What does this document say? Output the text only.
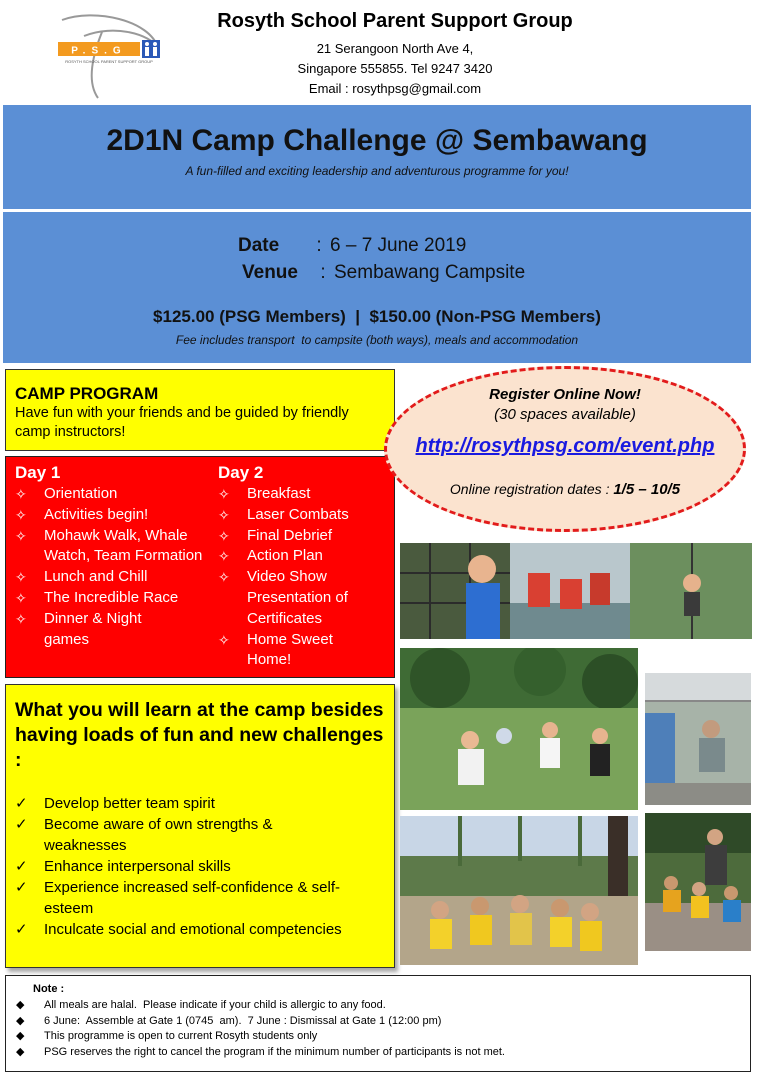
P.S.G
ROSYTH SCHOOL PARENT SUPPORT GROUP
Rosyth School Parent Support Group
21 Serangoon North Ave 4,
Singapore 555855. Tel 9247 3420
Email : rosythpsg@gmail.com
2D1N Camp Challenge @ Sembawang
A fun-filled and exciting leadership and adventurous programme for you!
Date : 6 – 7 June 2019
Venue : Sembawang Campsite
$125.00 (PSG Members)  |  $150.00 (Non-PSG Members)
Fee includes transport  to campsite (both ways), meals and accommodation
CAMP PROGRAM
Have fun with your friends and be guided by friendly camp instructors!
Day 1
✧	Orientation
✧	Activities begin!
✧	Mohawk Walk, Whale Watch, Team Formation
✧	Lunch and Chill
✧	The Incredible Race
✧	Dinner & Night games
Day 2
✧	Breakfast
✧	Laser Combats
✧	Final Debrief
✧	Action Plan
✧	Video Show Presentation of Certificates
✧	Home Sweet Home!
Register Online Now!
(30 spaces available)
http://rosythpsg.com/event.php
Online registration dates : 1/5 – 10/5
What you will learn at the camp besides having loads of fun and new challenges :
✓	Develop better team spirit
✓	Become aware of own strengths & weaknesses
✓	Enhance interpersonal skills
✓	Experience increased self-confidence & self-esteem
✓	Inculcate social and emotional competencies
Note :
◆	All meals are halal.  Please indicate if your child is allergic to any food.
◆	6 June:  Assemble at Gate 1 (0745  am).  7 June : Dismissal at Gate 1 (12:00 pm)
◆	This programme is open to current Rosyth students only
◆	PSG reserves the right to cancel the program if the minimum number of participants is not met.
